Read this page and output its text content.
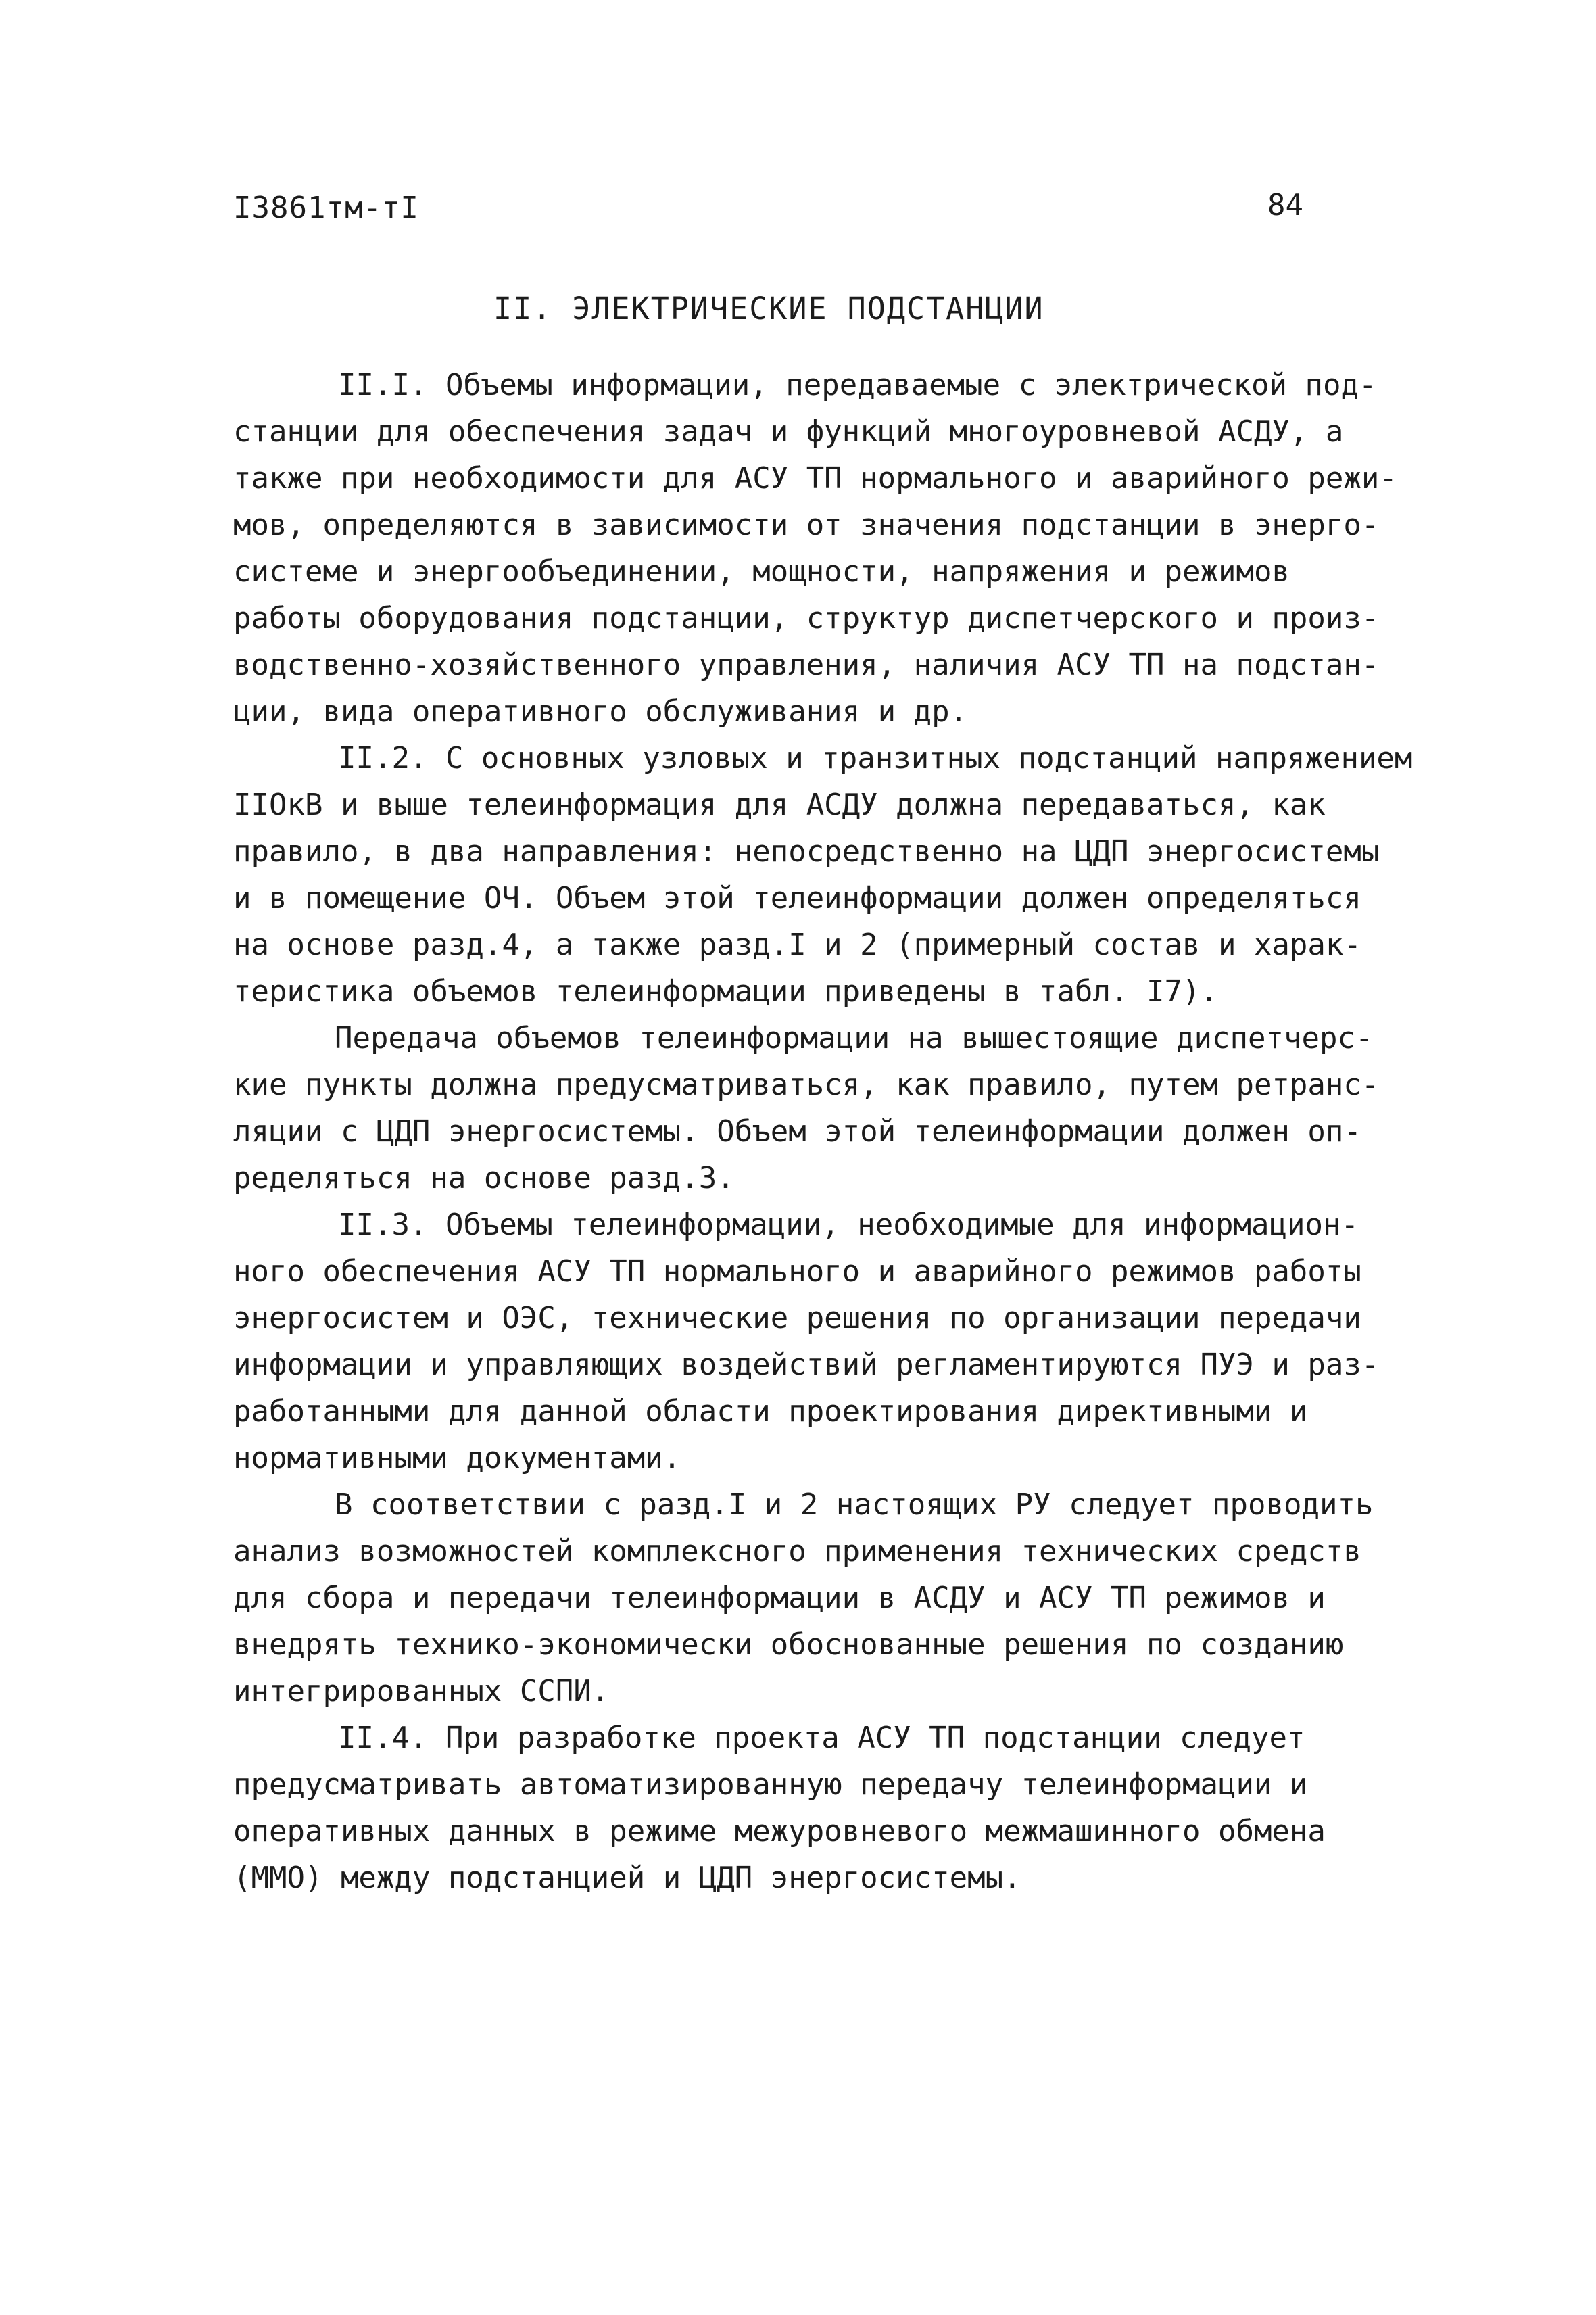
I3861тм-тI	84
II. ЭЛЕКТРИЧЕСКИЕ ПОДСТАНЦИИ
II.I. Объемы информации, передаваемые с электрической под-
станции для обеспечения задач и функций многоуровневой АСДУ, а
также при необходимости для АСУ ТП нормального и аварийного режи-
мов, определяются в зависимости от значения подстанции в энерго-
системе и энергообъединении, мощности, напряжения и режимов
работы оборудования подстанции, структур диспетчерского и произ-
водственно-хозяйственного управления, наличия АСУ ТП на подстан-
ции, вида оперативного обслуживания и др.
II.2. С основных узловых и транзитных подстанций напряжением
IIОкВ и выше телеинформация для АСДУ должна передаваться, как
правило, в два направления: непосредственно на ЦДП энергосистемы
и в помещение ОЧ. Объем этой телеинформации должен определяться
на основе разд.4, а также разд.I и 2 (примерный состав и харак-
теристика объемов телеинформации приведены в табл. I7).
Передача объемов телеинформации на вышестоящие диспетчерс-
кие пункты должна предусматриваться, как правило, путем ретранс-
ляции с ЦДП энергосистемы. Объем этой телеинформации должен оп-
ределяться на основе разд.3.
II.3. Объемы телеинформации, необходимые для информацион-
ного обеспечения АСУ ТП нормального и аварийного режимов работы
энергосистем и ОЭС, технические решения по организации передачи
информации и управляющих воздействий регламентируются ПУЭ и раз-
работанными для данной области проектирования директивными и
нормативными документами.
В соответствии с разд.I и 2 настоящих РУ следует проводить
анализ возможностей комплексного применения технических средств
для сбора и передачи телеинформации в АСДУ и АСУ ТП режимов и
внедрять технико-экономически обоснованные решения по созданию
интегрированных ССПИ.
II.4. При разработке проекта АСУ ТП подстанции следует
предусматривать автоматизированную передачу телеинформации и
оперативных данных в режиме межуровневого межмашинного обмена
(ММО) между подстанцией и ЦДП энергосистемы.
